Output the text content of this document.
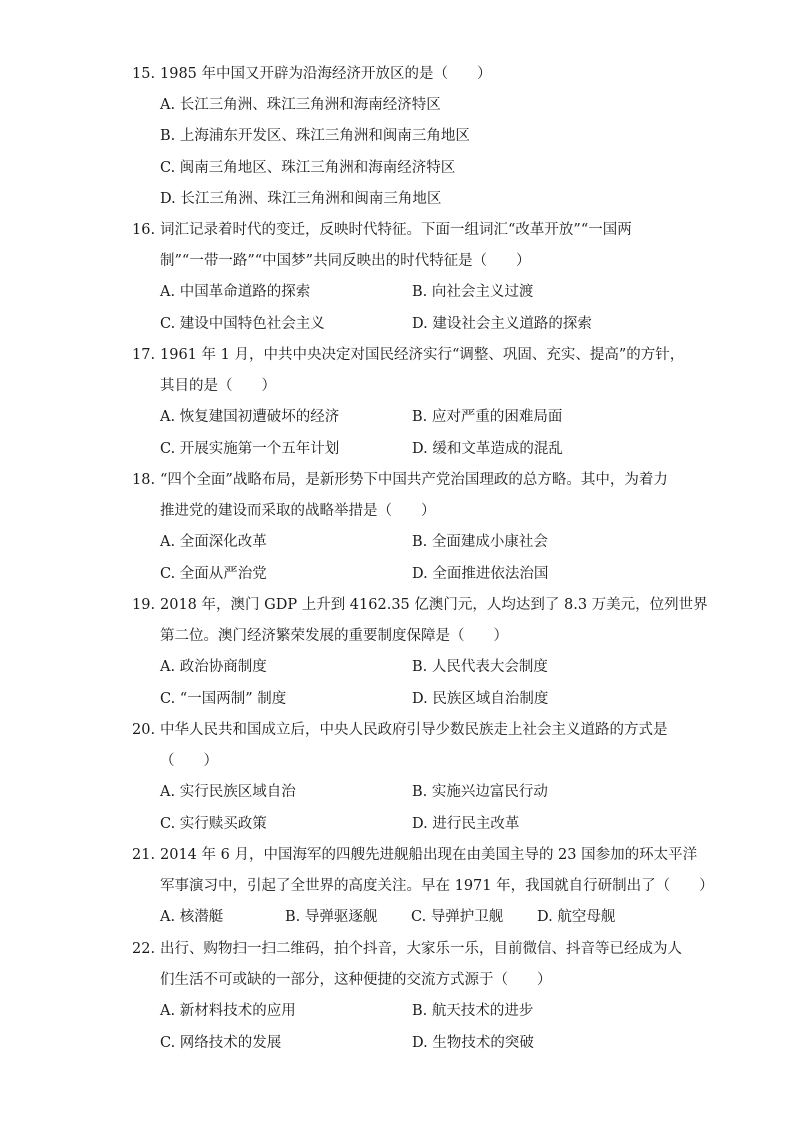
15. 1985 年中国又开辟为沿海经济开放区的是（　　）
A. 长江三角洲、珠江三角洲和海南经济特区
B. 上海浦东开发区、珠江三角洲和闽南三角地区
C. 闽南三角地区、珠江三角洲和海南经济特区
D. 长江三角洲、珠江三角洲和闽南三角地区
16. 词汇记录着时代的变迁，反映时代特征。下面一组词汇“改革开放”“一国两
制”“一带一路”“中国梦”共同反映出的时代特征是（　　）
A. 中国革命道路的探索	B. 向社会主义过渡
C. 建设中国特色社会主义	D. 建设社会主义道路的探索
17. 1961 年 1 月，中共中央决定对国民经济实行“调整、巩固、充实、提高”的方针，
其目的是（　　）
A. 恢复建国初遭破坏的经济	B. 应对严重的困难局面
C. 开展实施第一个五年计划	D. 缓和文革造成的混乱
18. “四个全面”战略布局，是新形势下中国共产党治国理政的总方略。其中，为着力
推进党的建设而采取的战略举措是（　　）
A. 全面深化改革	B. 全面建成小康社会
C. 全面从严治党	D. 全面推进依法治国
19. 2018 年，澳门 GDP 上升到 4162.35 亿澳门元，人均达到了 8.3 万美元，位列世界
第二位。澳门经济繁荣发展的重要制度保障是（　　）
A. 政治协商制度	B. 人民代表大会制度
C. “一国两制” 制度	D. 民族区域自治制度
20. 中华人民共和国成立后，中央人民政府引导少数民族走上社会主义道路的方式是
（　　）
A. 实行民族区域自治	B. 实施兴边富民行动
C. 实行赎买政策	D. 进行民主改革
21. 2014 年 6 月，中国海军的四艘先进舰船出现在由美国主导的 23 国参加的环太平洋
军事演习中，引起了全世界的高度关注。早在 1971 年，我国就自行研制出了（　　）
A. 核潜艇	B. 导弹驱逐舰 C. 导弹护卫舰 D. 航空母舰
22. 出行、购物扫一扫二维码，拍个抖音，大家乐一乐，目前微信、抖音等已经成为人
们生活不可或缺的一部分，这种便捷的交流方式源于（　　）
A. 新材料技术的应用	B. 航天技术的进步
C. 网络技术的发展	D. 生物技术的突破
